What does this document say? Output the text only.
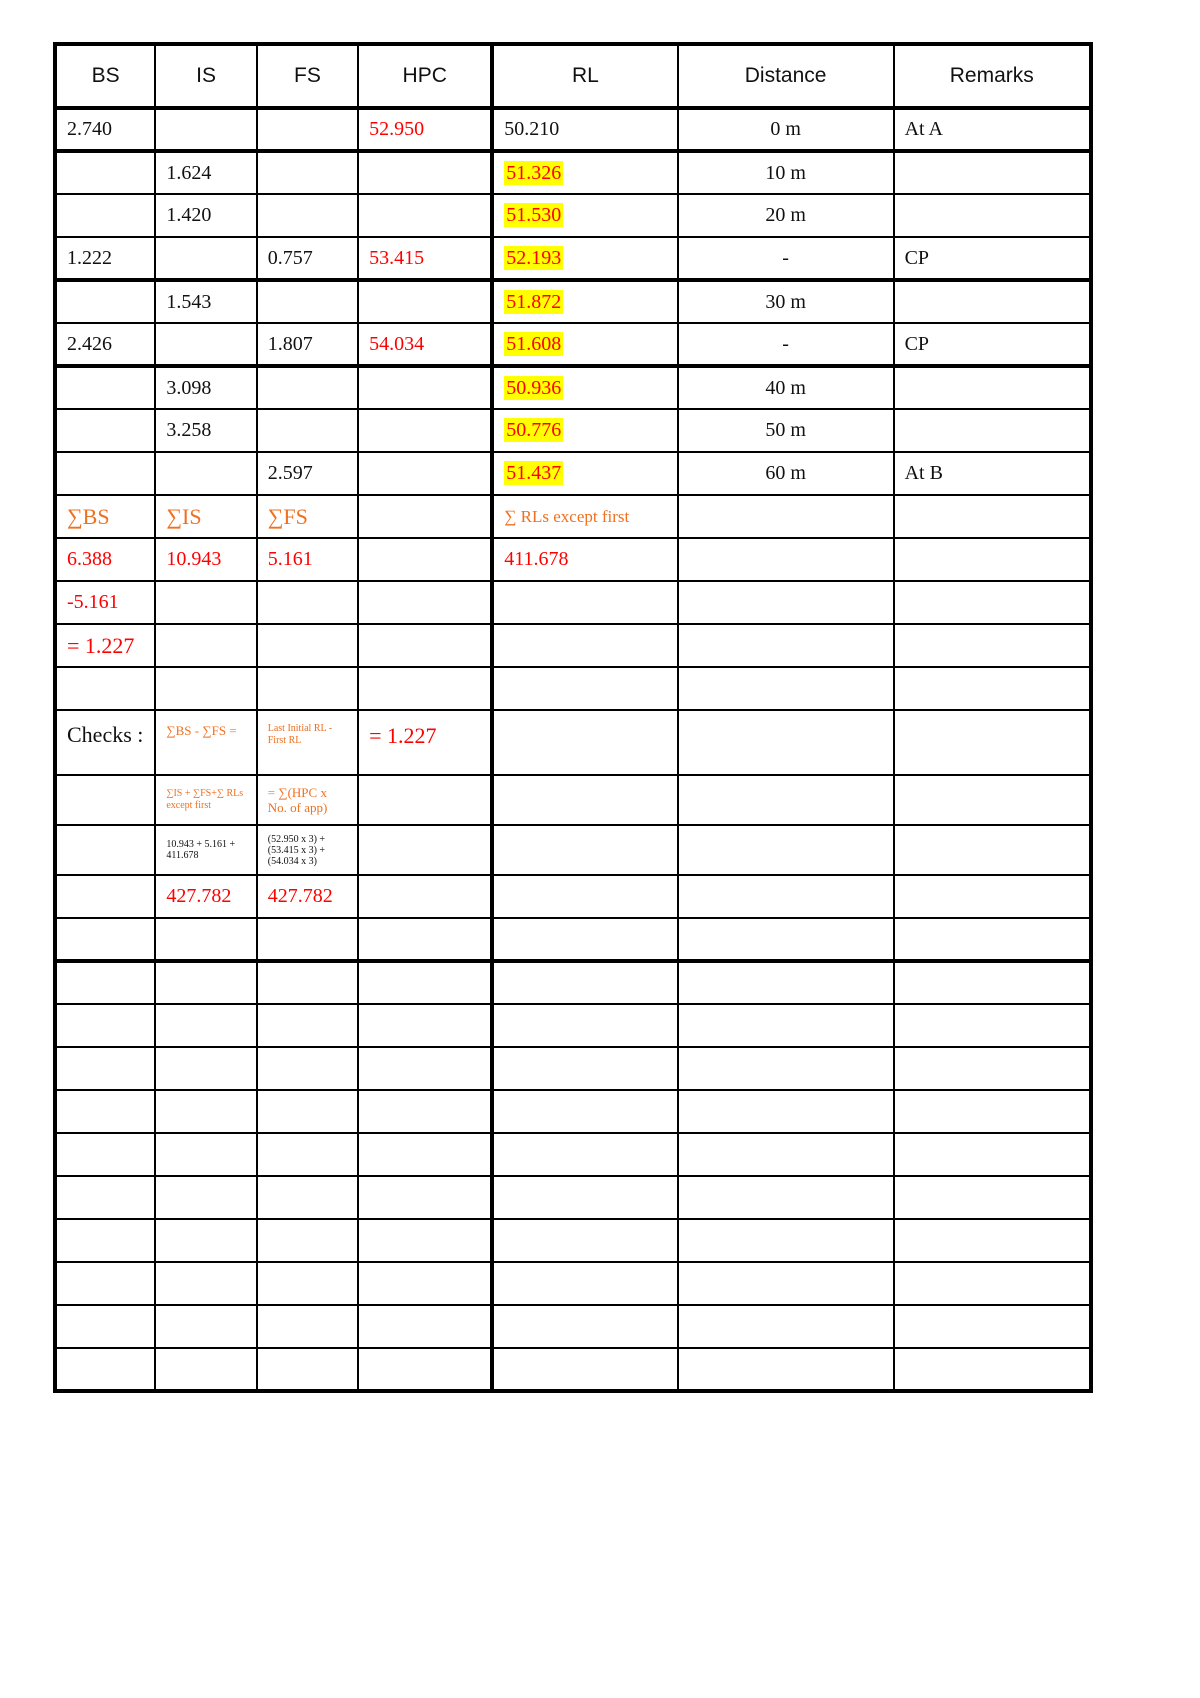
BS	IS	FS	HPC	RL	Distance	Remarks
2.740			52.950	50.210	0 m	At A
	1.624			51.326	10 m	
	1.420			51.530	20 m	
1.222		0.757	53.415	52.193	-	CP
	1.543			51.872	30 m	
2.426		1.807	54.034	51.608	-	CP
	3.098			50.936	40 m	
	3.258			50.776	50 m	
		2.597		51.437	60 m	At B
∑BS	∑IS	∑FS		∑ RLs except first		
6.388	10.943	5.161		411.678		
-5.161						
= 1.227						

Checks :	∑BS - ∑FS =	Last Initial RL - First RL	= 1.227			
	∑IS + ∑FS+∑ RLs except first	= ∑(HPC x No. of app)				
	10.943 + 5.161 + 411.678	(52.950 x 3) + (53.415 x 3) + (54.034 x 3)				
	427.782	427.782				
